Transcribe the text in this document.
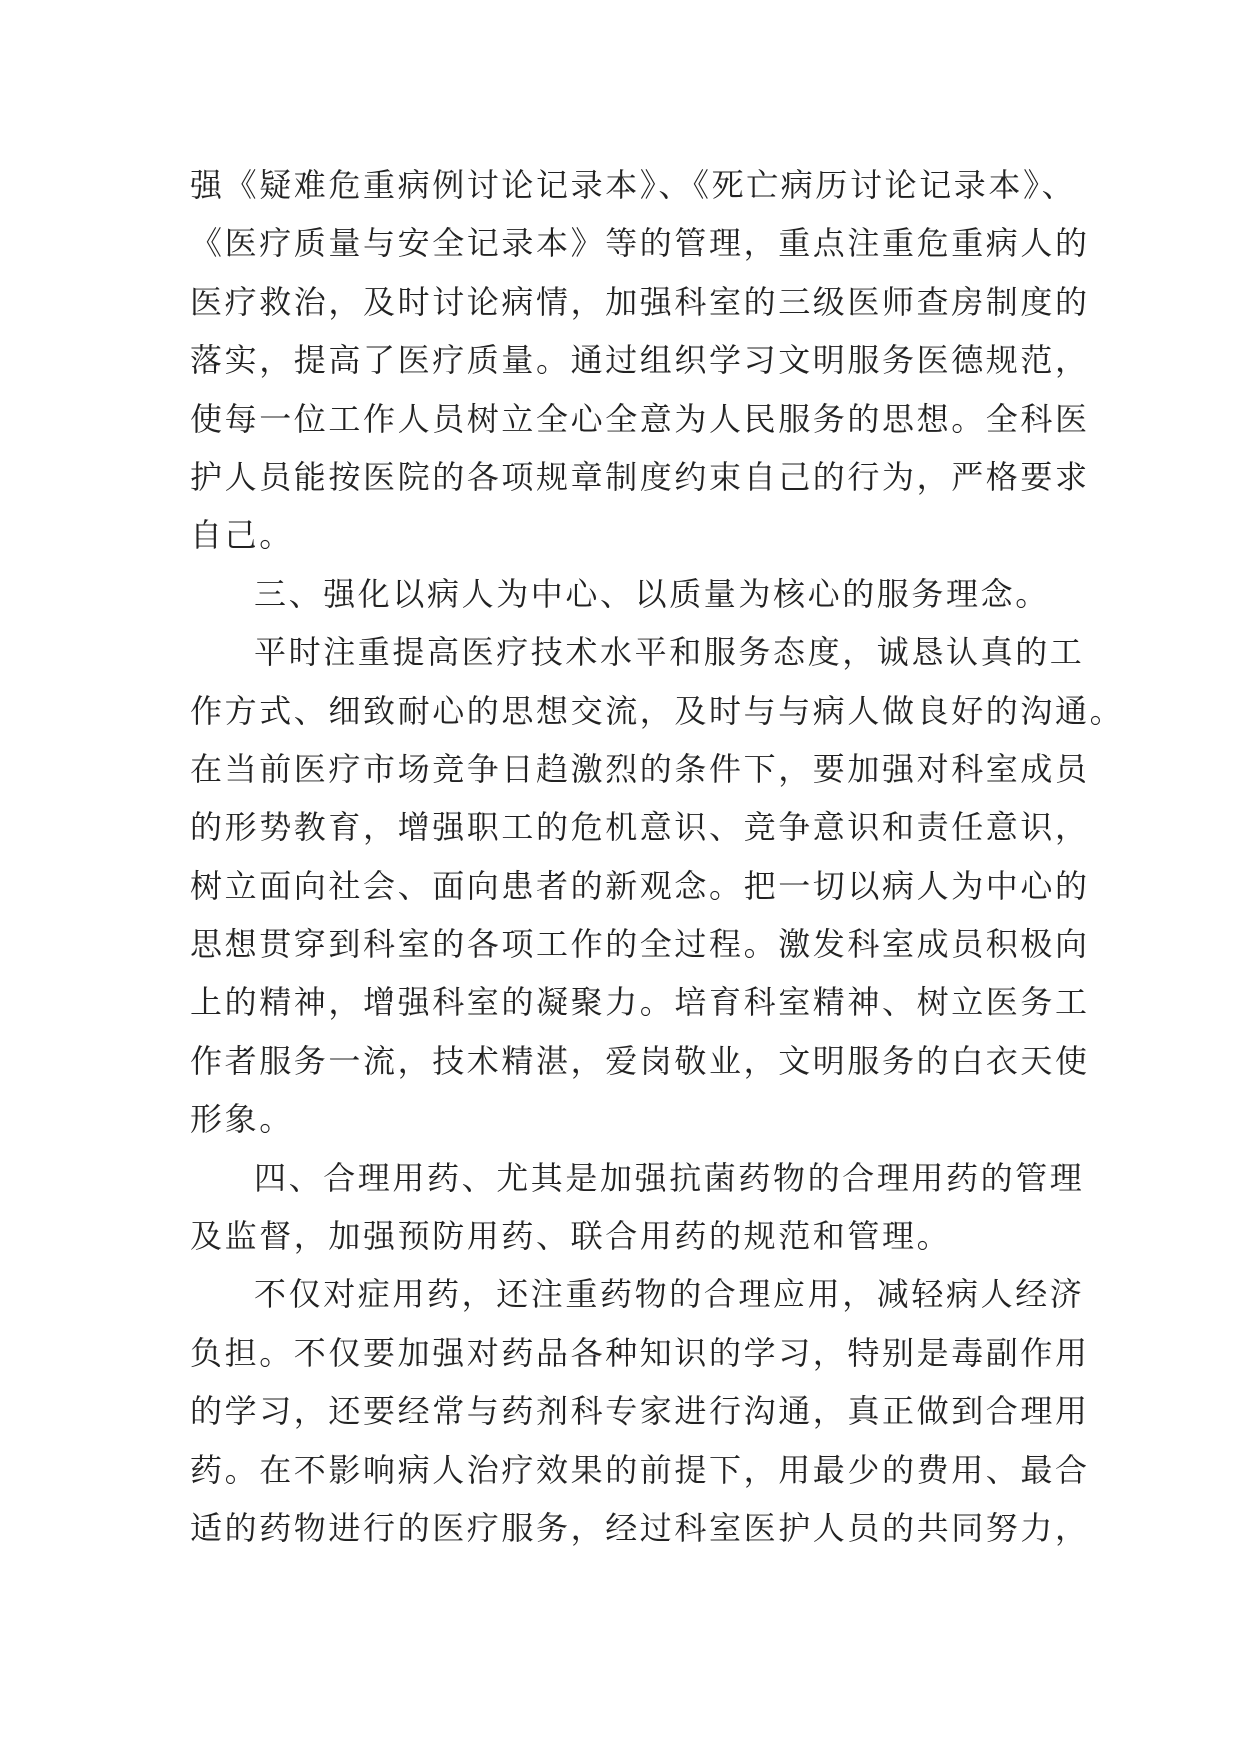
强《疑难危重病例讨论记录本》、《死亡病历讨论记录本》、
《医疗质量与安全记录本》等的管理，重点注重危重病人的
医疗救治，及时讨论病情，加强科室的三级医师查房制度的
落实，提高了医疗质量。通过组织学习文明服务医德规范，
使每一位工作人员树立全心全意为人民服务的思想。全科医
护人员能按医院的各项规章制度约束自己的行为，严格要求
自己。
三、强化以病人为中心、以质量为核心的服务理念。
平时注重提高医疗技术水平和服务态度，诚恳认真的工
作方式、细致耐心的思想交流，及时与与病人做良好的沟通。
在当前医疗市场竞争日趋激烈的条件下，要加强对科室成员
的形势教育，增强职工的危机意识、竞争意识和责任意识，
树立面向社会、面向患者的新观念。把一切以病人为中心的
思想贯穿到科室的各项工作的全过程。激发科室成员积极向
上的精神，增强科室的凝聚力。培育科室精神、树立医务工
作者服务一流，技术精湛，爱岗敬业，文明服务的白衣天使
形象。
四、合理用药、尤其是加强抗菌药物的合理用药的管理
及监督，加强预防用药、联合用药的规范和管理。
不仅对症用药，还注重药物的合理应用，减轻病人经济
负担。不仅要加强对药品各种知识的学习，特别是毒副作用
的学习，还要经常与药剂科专家进行沟通，真正做到合理用
药。在不影响病人治疗效果的前提下，用最少的费用、最合
适的药物进行的医疗服务，经过科室医护人员的共同努力，
